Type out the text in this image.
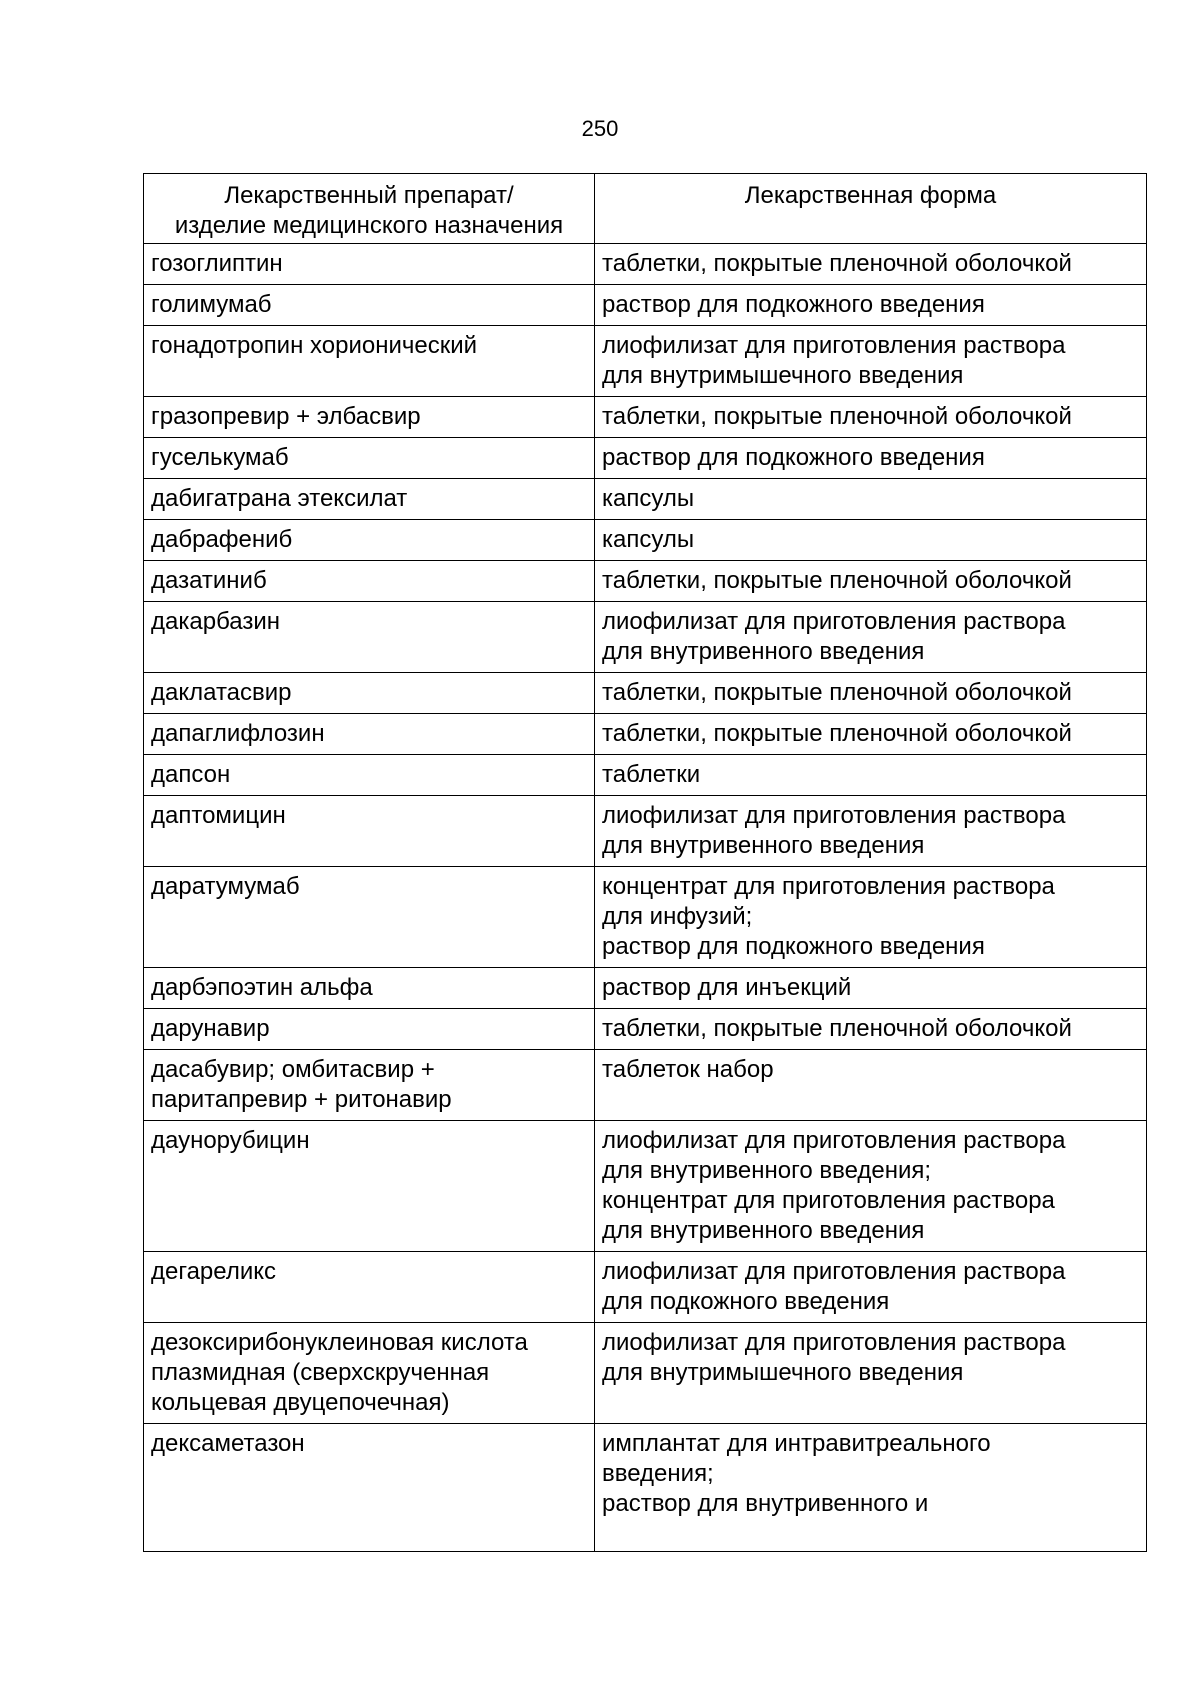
250
Лекарственный препарат/
изделие медицинского назначения	Лекарственная форма

гозоглиптин	таблетки, покрытые пленочной оболочкой

голимумаб	раствор для подкожного введения

гонадотропин хорионический	лиофилизат для приготовления раствора
для внутримышечного введения

гразопревир + элбасвир	таблетки, покрытые пленочной оболочкой

гуселькумаб	раствор для подкожного введения

дабигатрана этексилат	капсулы

дабрафениб	капсулы

дазатиниб	таблетки, покрытые пленочной оболочкой

дакарбазин	лиофилизат для приготовления раствора
для внутривенного введения

даклатасвир	таблетки, покрытые пленочной оболочкой

дапаглифлозин	таблетки, покрытые пленочной оболочкой

дапсон	таблетки

даптомицин	лиофилизат для приготовления раствора
для внутривенного введения

даратумумаб	концентрат для приготовления раствора
для инфузий;
раствор для подкожного введения

дарбэпоэтин альфа	раствор для инъекций

дарунавир	таблетки, покрытые пленочной оболочкой

дасабувир; омбитасвир +
паритапревир + ритонавир	таблеток набор

даунорубицин	лиофилизат для приготовления раствора
для внутривенного введения;
концентрат для приготовления раствора
для внутривенного введения

дегареликс	лиофилизат для приготовления раствора
для подкожного введения

дезоксирибонуклеиновая кислота
плазмидная (сверхскрученная
кольцевая двуцепочечная)	лиофилизат для приготовления раствора
для внутримышечного введения

дексаметазон	имплантат для интравитреального
введения;
раствор для внутривенного и
